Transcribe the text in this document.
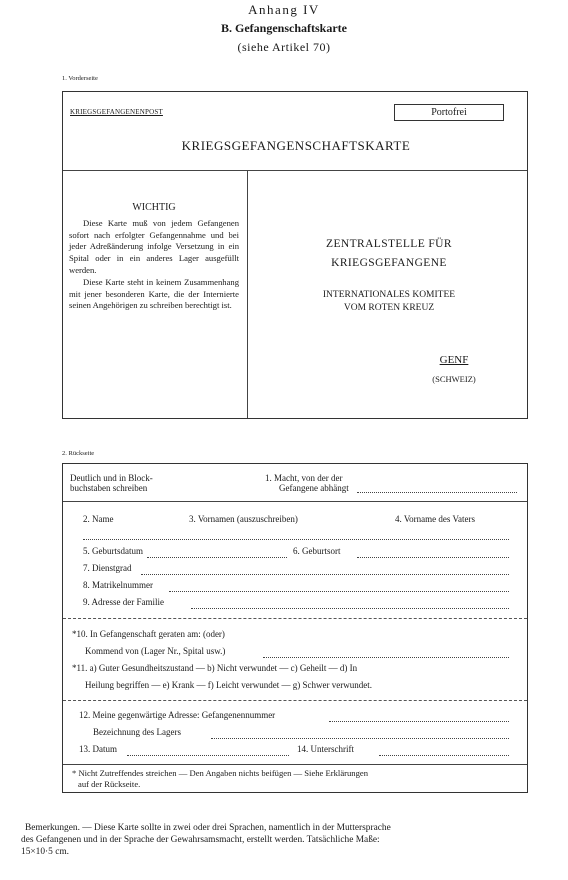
Anhang IV
B. Gefangenschaftskarte
(siehe Artikel 70)
1. Vorderseite
KRIEGSGEFANGENENPOST	Portofrei
KRIEGSGEFANGENSCHAFTSKARTE
WICHTIG

Diese Karte muß von jedem Gefangenen sofort nach erfolgter Gefangennahme und bei jeder Adreßänderung infolge Versetzung in ein Spital oder in ein anderes Lager ausgefüllt werden.

Diese Karte steht in keinem Zusammenhang mit jener besonderen Karte, die der Internierte seinen Angehörigen zu schreiben berechtigt ist.

ZENTRALSTELLE FÜR
KRIEGSGEFANGENE
INTERNATIONALES KOMITEE
VOM ROTEN KREUZ
GENF
(SCHWEIZ)
2. Rückseite
Deutlich und in Block-
buchstaben schreiben
1. Macht, von der der
Gefangene abhängt
2. Name	3. Vornamen (auszuschreiben)	4. Vorname des Vaters
5. Geburtsdatum	6. Geburtsort
7. Dienstgrad
8. Matrikelnummer
9. Adresse der Familie
*10. In Gefangenschaft geraten am: (oder)
Kommend von (Lager Nr., Spital usw.)
*11. a) Guter Gesundheitszustand — b) Nicht verwundet — c) Geheilt — d) In
Heilung begriffen — e) Krank — f) Leicht verwundet — g) Schwer verwundet.
12. Meine gegenwärtige Adresse: Gefangenennummer
Bezeichnung des Lagers
13. Datum	14. Unterschrift
* Nicht Zutreffendes streichen — Den Angaben nichts beifügen — Siehe Erklärungen
auf der Rückseite.
Bemerkungen. — Diese Karte sollte in zwei oder drei Sprachen, namentlich in der Muttersprache
des Gefangenen und in der Sprache der Gewahrsamsmacht, erstellt werden. Tatsächliche Maße:
15×10·5 cm.
